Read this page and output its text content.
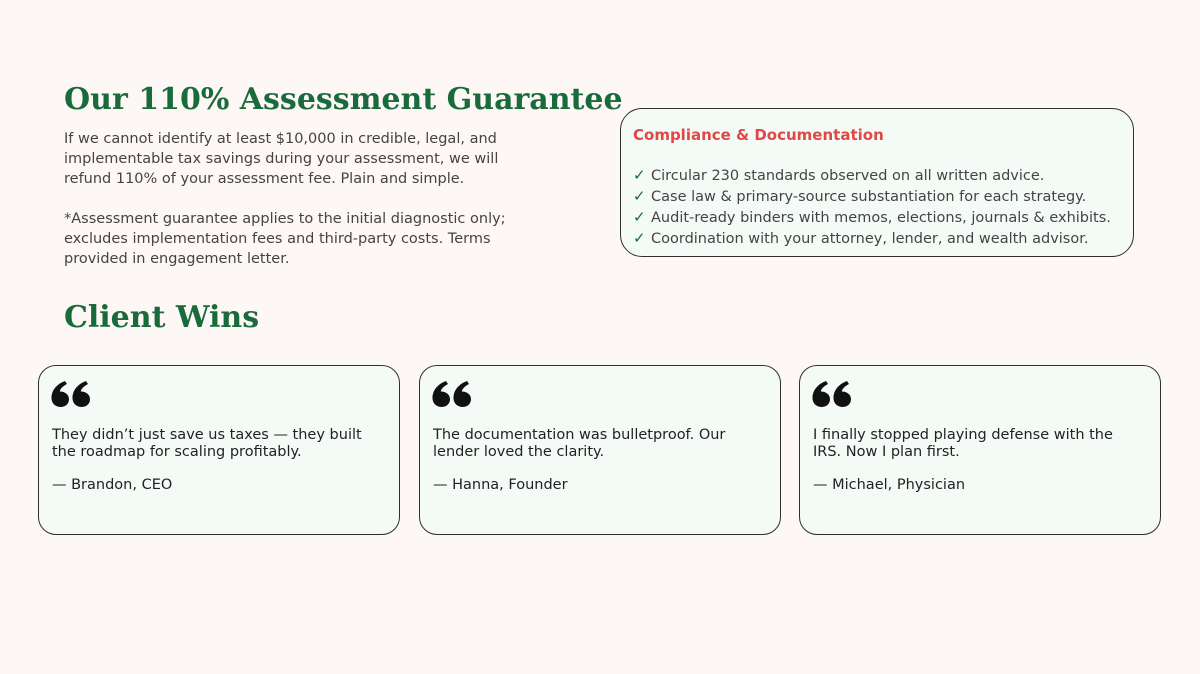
Our 110% Assessment Guarantee

If we cannot identify at least $10,000 in credible, legal, and implementable tax savings during your assessment, we will refund 110% of your assessment fee. Plain and simple.

*Assessment guarantee applies to the initial diagnostic only; excludes implementation fees and third-party costs. Terms provided in engagement letter.

Compliance & Documentation
✓ Circular 230 standards observed on all written advice.
✓ Case law & primary-source substantiation for each strategy.
✓ Audit-ready binders with memos, elections, journals & exhibits.
✓ Coordination with your attorney, lender, and wealth advisor.
Client Wins

They didn’t just save us taxes — they built the roadmap for scaling profitably.

— Brandon, CEO

The documentation was bulletproof. Our lender loved the clarity.

— Hanna, Founder

I finally stopped playing defense with the IRS. Now I plan first.

— Michael, Physician
